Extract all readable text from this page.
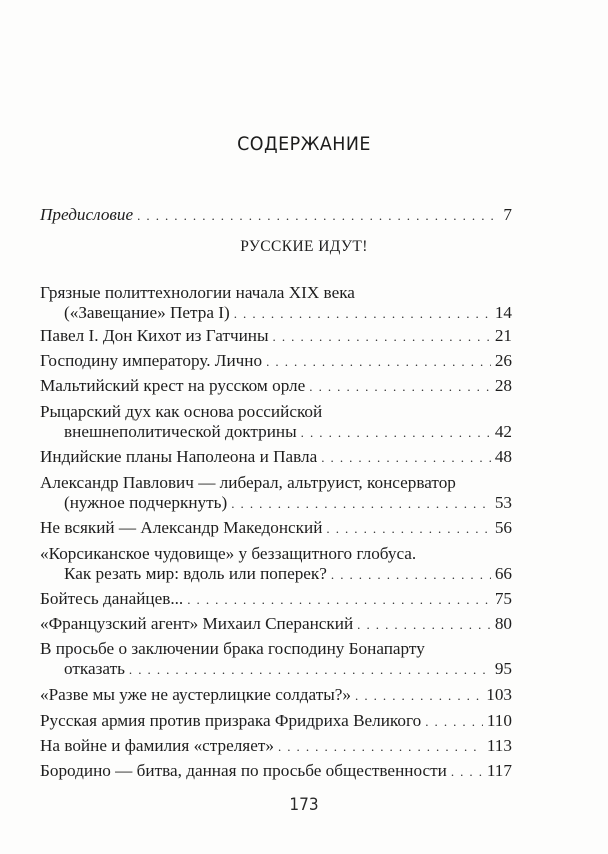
СОДЕРЖАНИЕ
Предисловие . . .	7
РУССКИЕ ИДУТ!
Грязные политтехнологии начала XIX века
(«Завещание» Петра I) . . .	14
Павел I. Дон Кихот из Гатчины . . .	21
Господину императору. Лично . . .	26
Мальтийский крест на русском орле . . .	28
Рыцарский дух как основа российской
внешнеполитической доктрины . . .	42
Индийские планы Наполеона и Павла . . .	48
Александр Павлович — либерал, альтруист, консерватор
(нужное подчеркнуть) . . .	53
Не всякий — Александр Македонский . . .	56
«Корсиканское чудовище» у беззащитного глобуса.
Как резать мир: вдоль или поперек? . . .	66
Бойтесь данайцев... . . .	75
«Французский агент» Михаил Сперанский . . .	80
В просьбе о заключении брака господину Бонапарту
отказать . . .	95
«Разве мы уже не аустерлицкие солдаты?» . . .	103
Русская армия против призрака Фридриха Великого . . .	110
На войне и фамилия «стреляет» . . .	113
Бородино — битва, данная по просьбе общественности . . . 117
173
